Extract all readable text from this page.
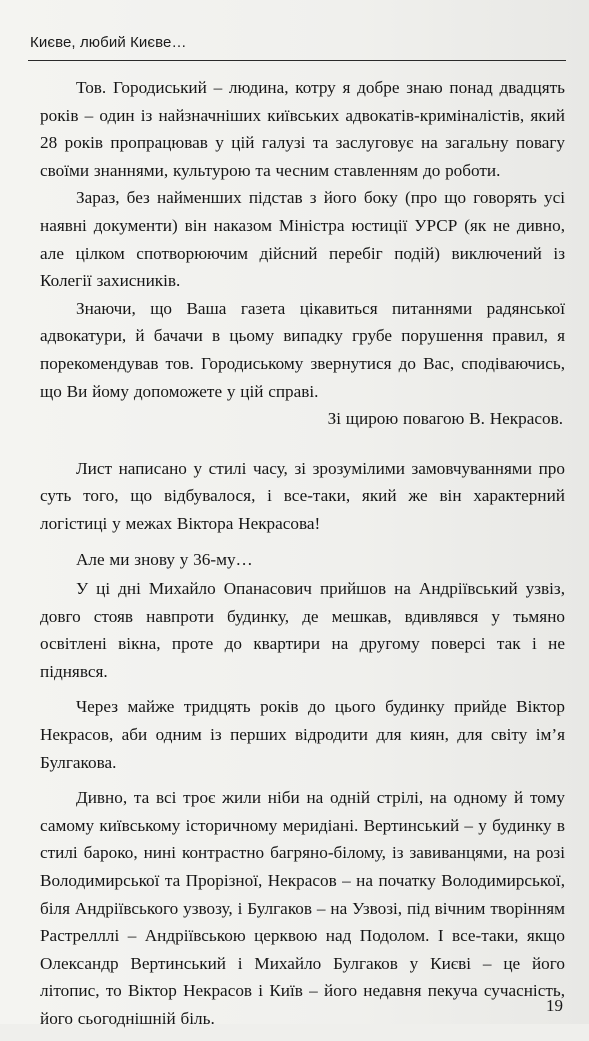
Києве, любий Києве…

Тов. Городиський – людина, котру я добре знаю понад двадцять років – один із найзначніших київських адвокатів-криміналістів, який 28 років пропрацював у цій галузі та заслуговує на загальну повагу своїми знаннями, культурою та чесним ставленням до роботи.

Зараз, без найменших підстав з його боку (про що говорять усі наявні документи) він наказом Міністра юстиції УРСР (як не дивно, але цілком спотворюючим дійсний перебіг подій) виключений із Колегії захисників.

Знаючи, що Ваша газета цікавиться питаннями радянської адвокатури, й бачачи в цьому випадку грубе порушення правил, я порекомендував тов. Городиському звернутися до Вас, сподіваючись, що Ви йому допоможете у цій справі.

Зі щирою повагою В. Некрасов.

Лист написано у стилі часу, зі зрозумілими замовчуваннями про суть того, що відбувалося, і все-таки, який же він характерний логістиці у межах Віктора Некрасова!

Але ми знову у 36-му…

У ці дні Михайло Опанасович прийшов на Андріївський узвіз, довго стояв навпроти будинку, де мешкав, вдивлявся у тьмяно освітлені вікна, проте до квартири на другому поверсі так і не піднявся.

Через майже тридцять років до цього будинку прийде Віктор Некрасов, аби одним із перших відродити для киян, для світу ім’я Булгакова.

Дивно, та всі троє жили ніби на одній стрілі, на одному й тому самому київському історичному меридіані. Вертинський – у будинку в стилі бароко, нині контрастно багряно-білому, із завиванцями, на розі Володимирської та Прорізної, Некрасов – на початку Володимирської, біля Андріївського узвозу, і Булгаков – на Узвозі, під вічним творінням Растрелллі – Андріївською церквою над Подолом. І все-таки, якщо Олександр Вертинський і Михайло Булгаков у Києві – це його літопис, то Віктор Некрасов і Київ – його недавня пекуча сучасність, його сьогоднішній біль.

19
